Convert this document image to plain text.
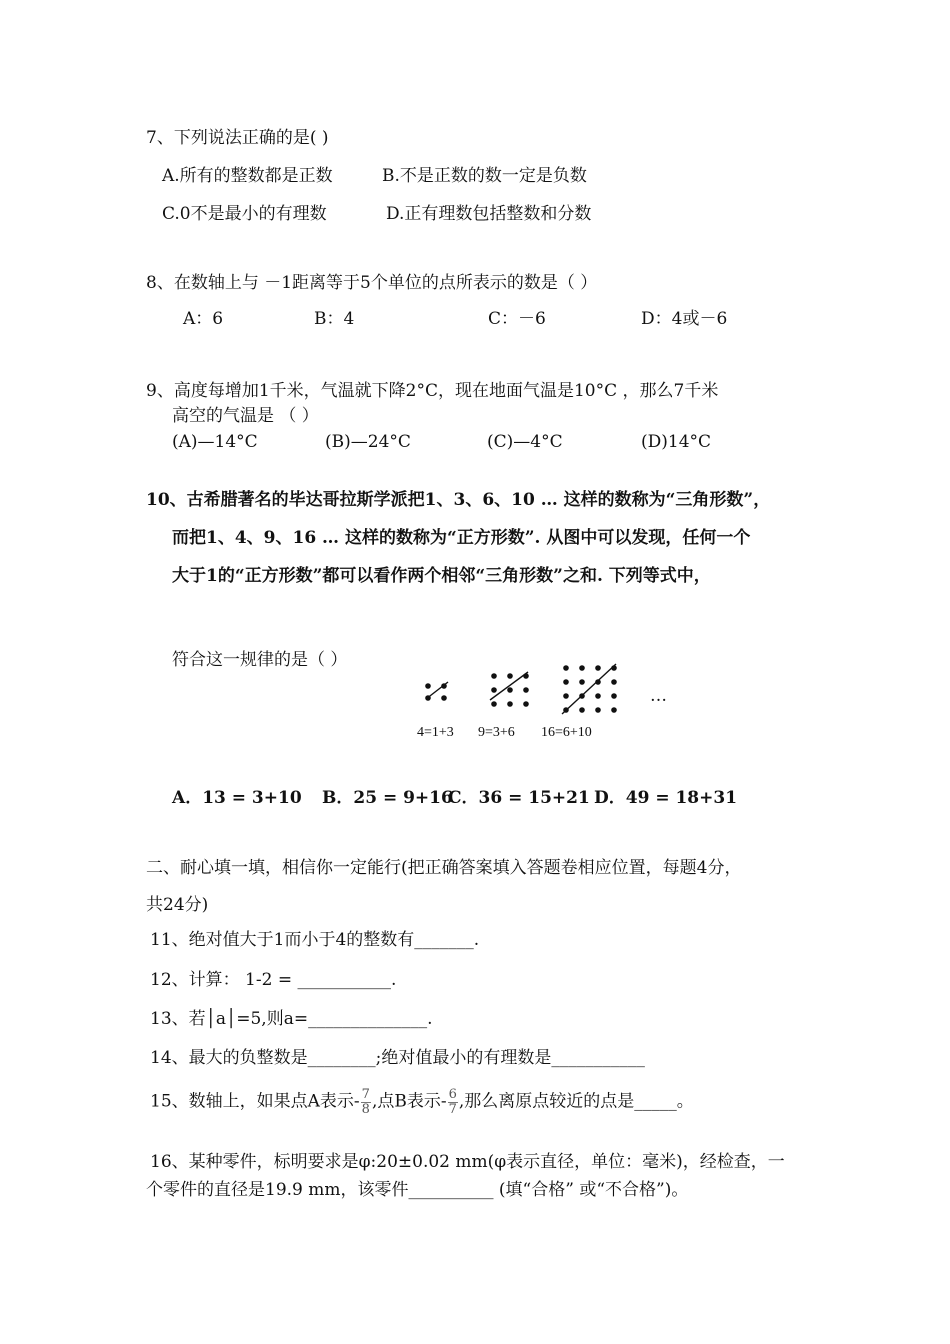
7、下列说法正确的是( )
A.所有的整数都是正数	B.不是正数的数一定是负数
C.0不是最小的有理数	D.正有理数包括整数和分数
8、在数轴上与 －1距离等于5个单位的点所表示的数是（ ）
A：6	B：4	C：－6	D：4或－6
9、高度每增加1千米，气温就下降2°C，现在地面气温是10°C ，那么7千米
高空的气温是 （ ）
(A)—14°C	(B)—24°C	(C)—4°C	(D)14°C
10、古希腊著名的毕达哥拉斯学派把1、3、6、10 … 这样的数称为“三角形数”，
而把1、4、9、16 … 这样的数称为“正方形数”. 从图中可以发现，任何一个
大于1的“正方形数”都可以看作两个相邻“三角形数”之和. 下列等式中，
符合这一规律的是（ ）
…
4=1+3 9=3+6 16=6+10
A．13 = 3+10 B．25 = 9+16
C．36 = 15+21 D．49 = 18+31
二、耐心填一填，相信你一定能行(把正确答案填入答题卷相应位置，每题4分，
共24分)
11、绝对值大于1而小于4的整数有_______.
12、计算： 1-2 = ___________.
13、若│a│=5,则a=______________.
14、最大的负整数是________;绝对值最小的有理数是___________
15、数轴上，如果点A表示- $\frac{7}{8}$ ,点B表示- $\frac{6}{7}$ ,那么离原点较近的点是_____。
16、某种零件，标明要求是φ:20±0.02 mm(φ表示直径，单位：毫米)，经检查，一
个零件的直径是19.9 mm，该零件__________ (填“合格” 或“不合格”)。
